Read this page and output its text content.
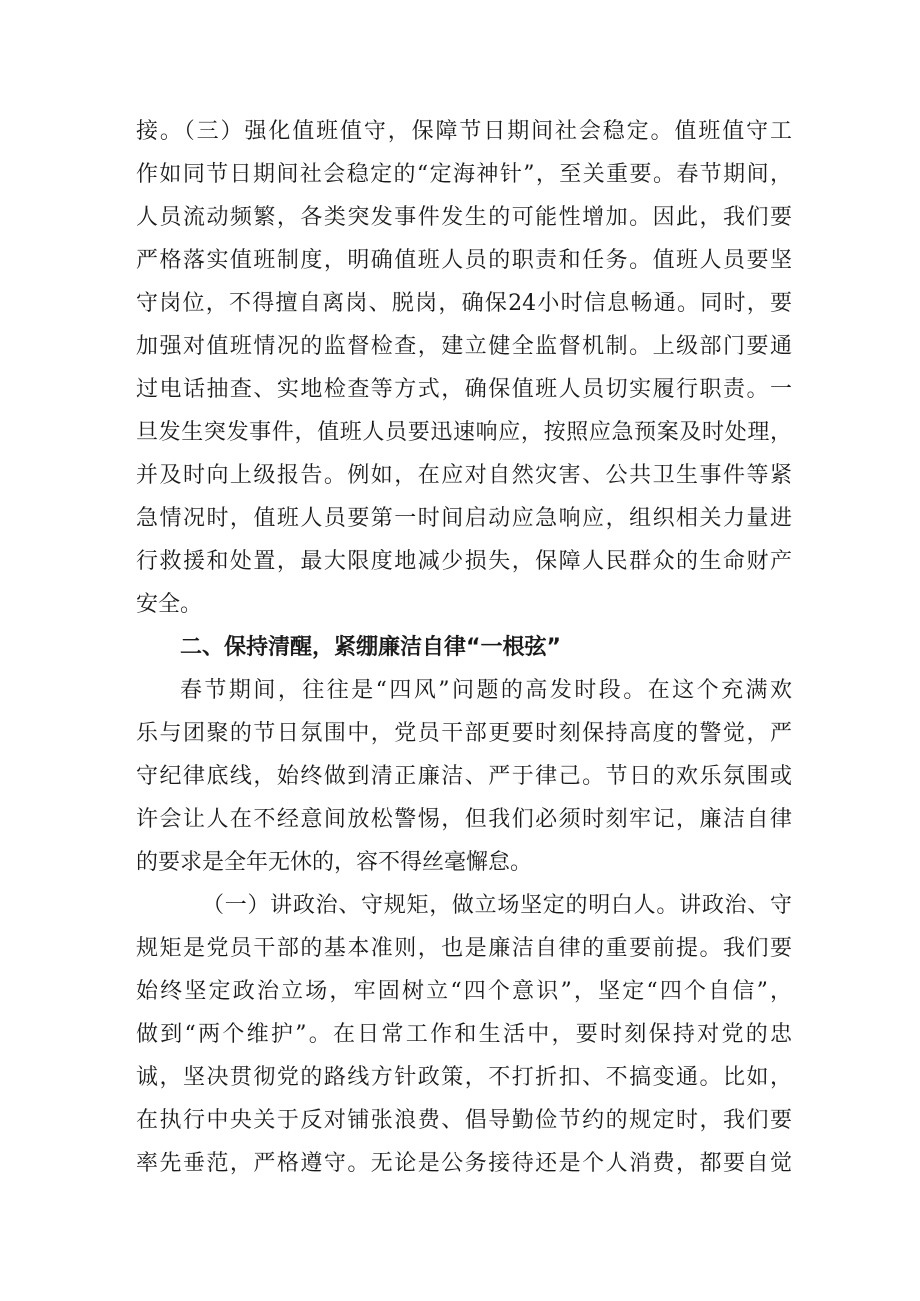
接。（三）强化值班值守，保障节日期间社会稳定。值班值守工
作如同节日期间社会稳定的“定海神针”，至关重要。春节期间，
人员流动频繁，各类突发事件发生的可能性增加。因此，我们要
严格落实值班制度，明确值班人员的职责和任务。值班人员要坚
守岗位，不得擅自离岗、脱岗，确保24小时信息畅通。同时，要
加强对值班情况的监督检查，建立健全监督机制。上级部门要通
过电话抽查、实地检查等方式，确保值班人员切实履行职责。一
旦发生突发事件，值班人员要迅速响应，按照应急预案及时处理，
并及时向上级报告。例如，在应对自然灾害、公共卫生事件等紧
急情况时，值班人员要第一时间启动应急响应，组织相关力量进
行救援和处置，最大限度地减少损失，保障人民群众的生命财产
安全。
二、保持清醒，紧绷廉洁自律“一根弦”
春节期间，往往是“四风”问题的高发时段。在这个充满欢
乐与团聚的节日氛围中，党员干部更要时刻保持高度的警觉，严
守纪律底线，始终做到清正廉洁、严于律己。节日的欢乐氛围或
许会让人在不经意间放松警惕，但我们必须时刻牢记，廉洁自律
的要求是全年无休的，容不得丝毫懈怠。
（一）讲政治、守规矩，做立场坚定的明白人。讲政治、守
规矩是党员干部的基本准则，也是廉洁自律的重要前提。我们要
始终坚定政治立场，牢固树立“四个意识”，坚定“四个自信”，
做到“两个维护”。在日常工作和生活中，要时刻保持对党的忠
诚，坚决贯彻党的路线方针政策，不打折扣、不搞变通。比如，
在执行中央关于反对铺张浪费、倡导勤俭节约的规定时，我们要
率先垂范，严格遵守。无论是公务接待还是个人消费，都要自觉
